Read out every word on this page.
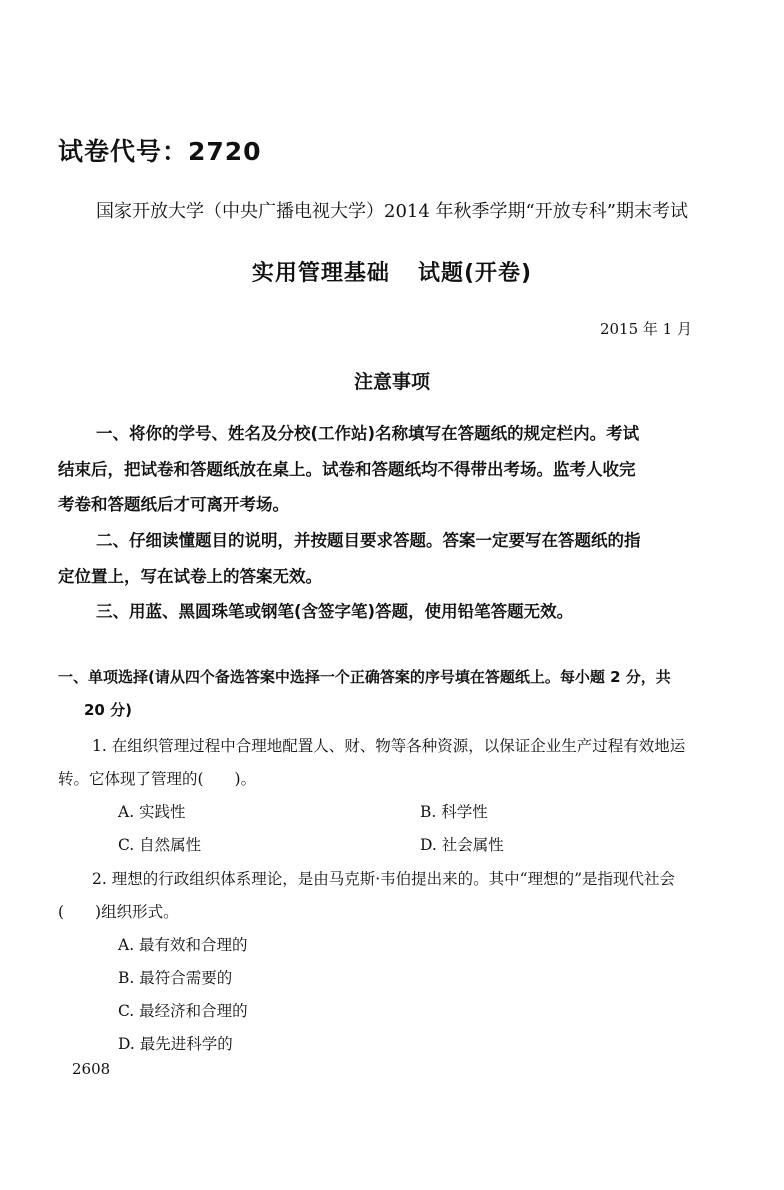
试卷代号：2720
国家开放大学（中央广播电视大学）2014 年秋季学期“开放专科”期末考试
实用管理基础 试题(开卷)
2015 年 1 月
注意事项
一、将你的学号、姓名及分校(工作站)名称填写在答题纸的规定栏内。考试
结束后，把试卷和答题纸放在桌上。试卷和答题纸均不得带出考场。监考人收完
考卷和答题纸后才可离开考场。
二、仔细读懂题目的说明，并按题目要求答题。答案一定要写在答题纸的指
定位置上，写在试卷上的答案无效。
三、用蓝、黑圆珠笔或钢笔(含签字笔)答题，使用铅笔答题无效。
一、单项选择(请从四个备选答案中选择一个正确答案的序号填在答题纸上。每小题 2 分，共
20 分)
1. 在组织管理过程中合理地配置人、财、物等各种资源，以保证企业生产过程有效地运
转。它体现了管理的(　　)。
A. 实践性	B. 科学性
C. 自然属性	D. 社会属性
2. 理想的行政组织体系理论，是由马克斯·韦伯提出来的。其中“理想的”是指现代社会
(　　)组织形式。
A. 最有效和合理的
B. 最符合需要的
C. 最经济和合理的
D. 最先进科学的
2608
